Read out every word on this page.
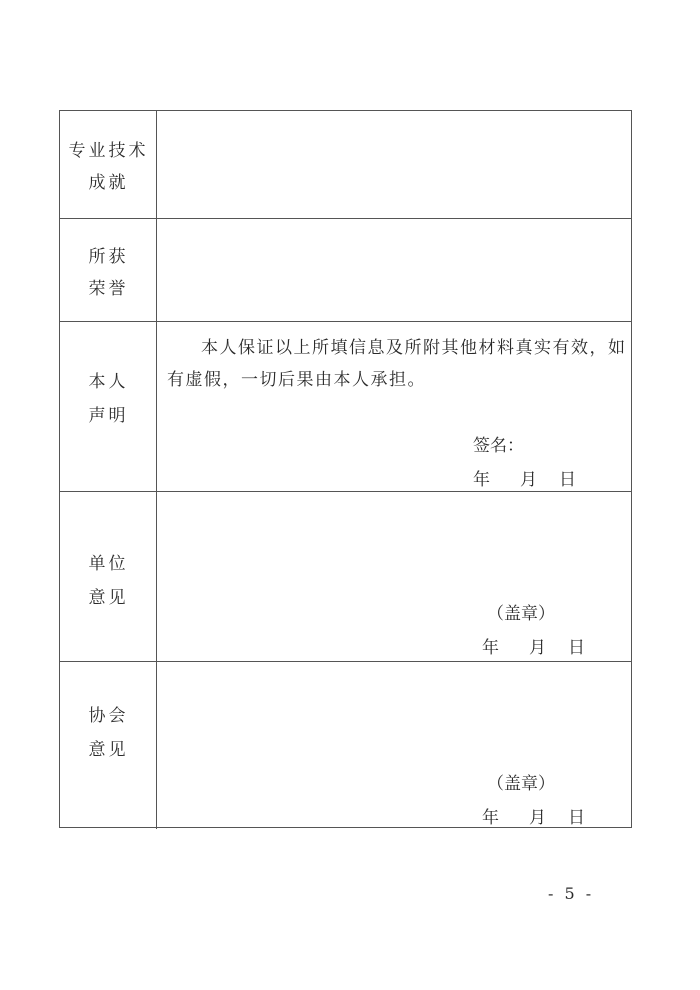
专业技术
成就
所获
荣誉
本人
声明
本人保证以上所填信息及所附其他材料真实有效，如有虚假，一切后果由本人承担。
签名：
年 月 日
单位
意见
（盖章）
年 月 日
协会
意见
（盖章）
年 月 日
- 5 -
